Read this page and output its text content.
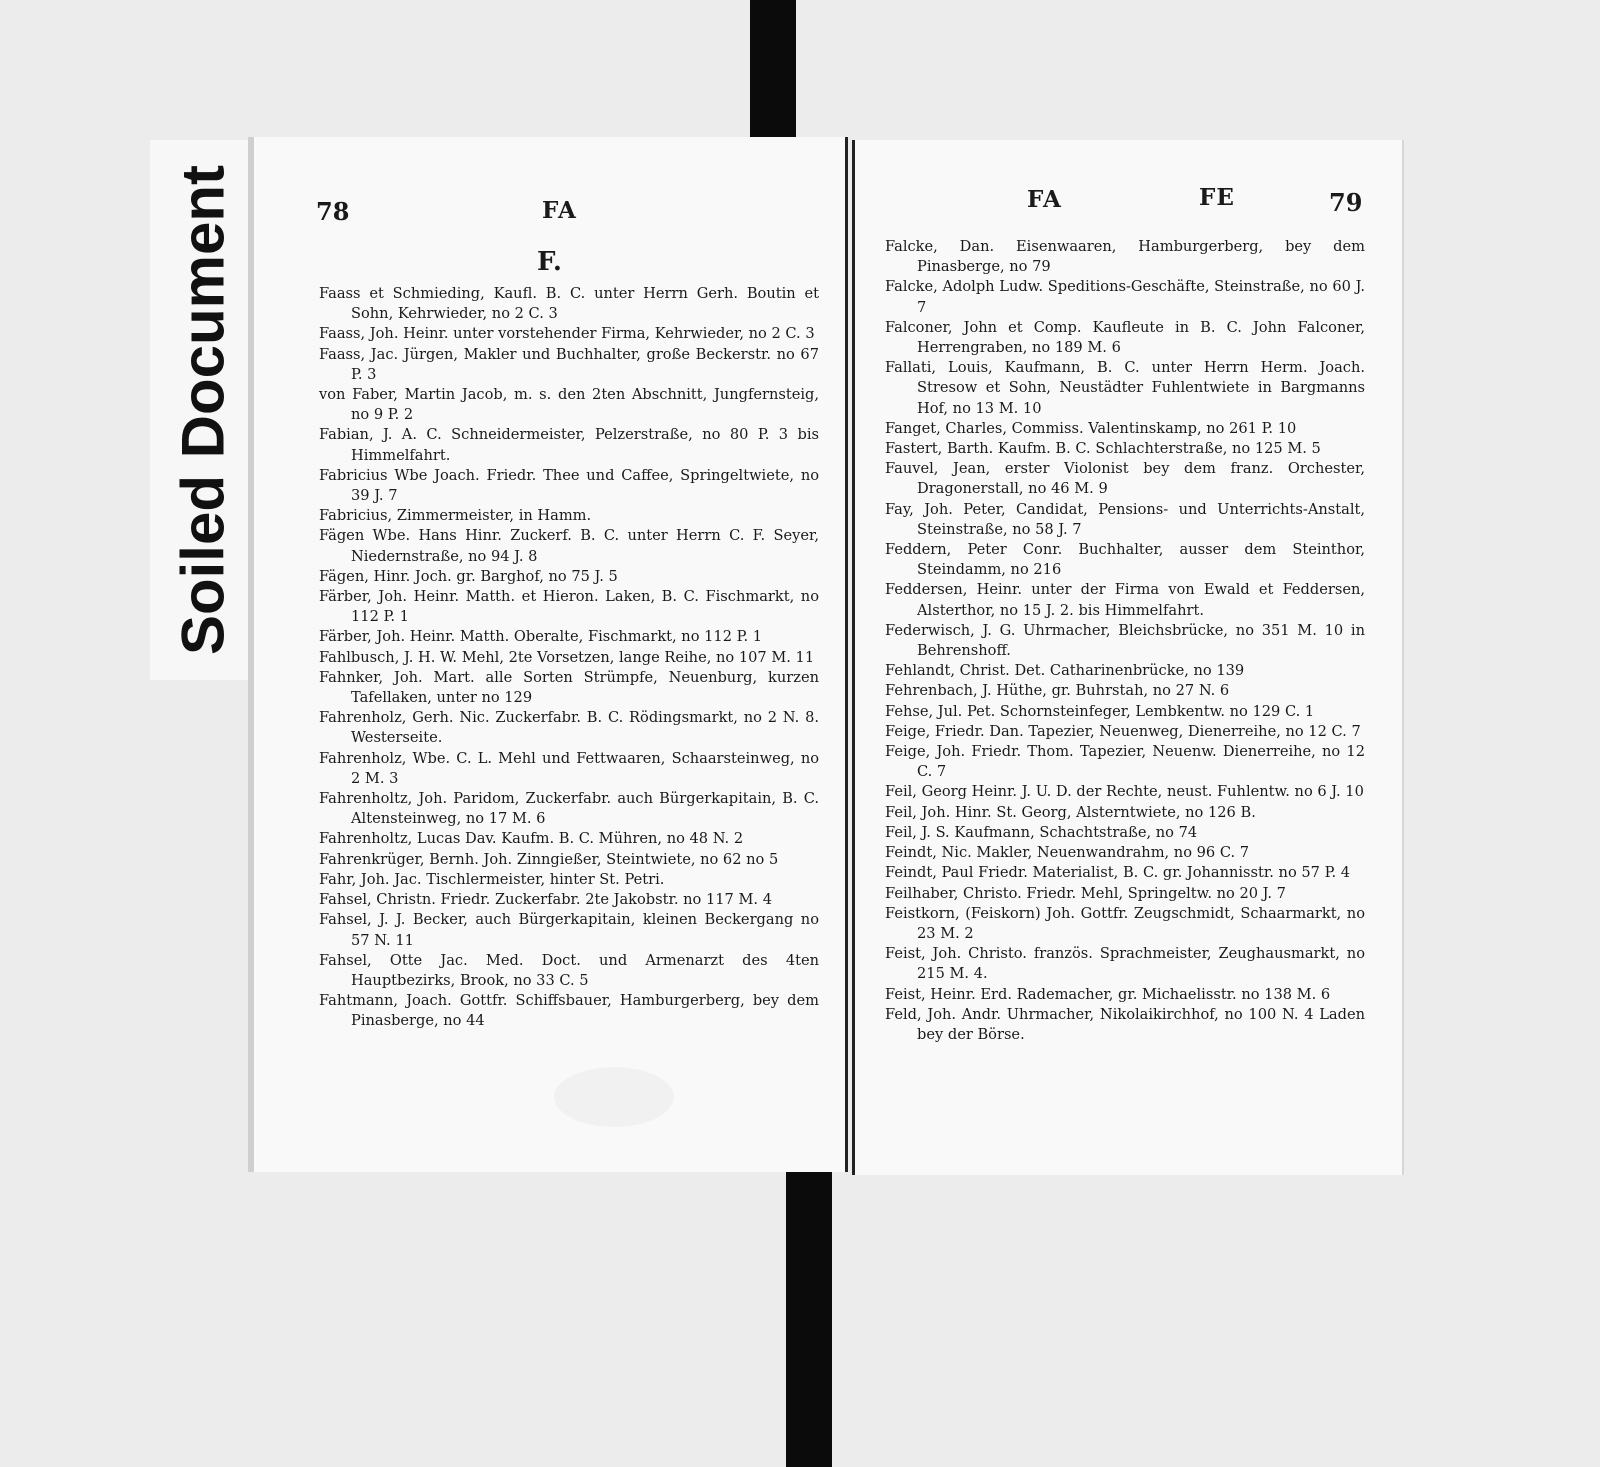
Soiled Document	78	FA
F.
Faass et Schmieding, Kaufl. B. C. unter Herrn Gerh. Boutin et Sohn, Kehrwieder, no 2 C. 3
Faass, Joh. Heinr. unter vorstehender Firma, Kehrwieder, no 2 C. 3
Faass, Jac. Jürgen, Makler und Buchhalter, große Beckerstr. no 67 P. 3
von Faber, Martin Jacob, m. s. den 2ten Abschnitt, Jungfernsteig, no 9 P. 2
Fabian, J. A. C. Schneidermeister, Pelzerstraße, no 80 P. 3 bis Himmelfahrt.
Fabricius Wbe Joach. Friedr. Thee und Caffee, Springeltwiete, no 39 J. 7
Fabricius, Zimmermeister, in Hamm.
Fägen Wbe. Hans Hinr. Zuckerf. B. C. unter Herrn C. F. Seyer, Niedernstraße, no 94 J. 8
Fägen, Hinr. Joch. gr. Barghof, no 75 J. 5
Färber, Joh. Heinr. Matth. et Hieron. Laken, B. C. Fischmarkt, no 112 P. 1
Färber, Joh. Heinr. Matth. Oberalte, Fischmarkt, no 112 P. 1
Fahlbusch, J. H. W. Mehl, 2te Vorsetzen, lange Reihe, no 107 M. 11
Fahnker, Joh. Mart. alle Sorten Strümpfe, Neuenburg, kurzen Tafellaken, unter no 129
Fahrenholz, Gerh. Nic. Zuckerfabr. B. C. Rödingsmarkt, no 2 N. 8. Westerseite.
Fahrenholz, Wbe. C. L. Mehl und Fettwaaren, Schaarsteinweg, no 2 M. 3
Fahrenholtz, Joh. Paridom, Zuckerfabr. auch Bürgerkapitain, B. C. Altensteinweg, no 17 M. 6
Fahrenholtz, Lucas Dav. Kaufm. B. C. Mühren, no 48 N. 2
Fahrenkrüger, Bernh. Joh. Zinngießer, Steintwiete, no 62 no 5
Fahr, Joh. Jac. Tischlermeister, hinter St. Petri.
Fahsel, Christn. Friedr. Zuckerfabr. 2te Jakobstr. no 117 M. 4
Fahsel, J. J. Becker, auch Bürgerkapitain, kleinen Beckergang no 57 N. 11
Fahsel, Otte Jac. Med. Doct. und Armenarzt des 4ten Hauptbezirks, Brook, no 33 C. 5
Fahtmann, Joach. Gottfr. Schiffsbauer, Hamburgerberg, bey dem Pinasberge, no 44
FA	FE	79
Falcke, Dan. Eisenwaaren, Hamburgerberg, bey dem Pinasberge, no 79
Falcke, Adolph Ludw. Speditions-Geschäfte, Steinstraße, no 60 J. 7
Falconer, John et Comp. Kaufleute in B. C. John Falconer, Herrengraben, no 189 M. 6
Fallati, Louis, Kaufmann, B. C. unter Herrn Herm. Joach. Stresow et Sohn, Neustädter Fuhlentwiete in Bargmanns Hof, no 13 M. 10
Fanget, Charles, Commiss. Valentinskamp, no 261 P. 10
Fastert, Barth. Kaufm. B. C. Schlachterstraße, no 125 M. 5
Fauvel, Jean, erster Violonist bey dem franz. Orchester, Dragonerstall, no 46 M. 9
Fay, Joh. Peter, Candidat, Pensions- und Unterrichts-Anstalt, Steinstraße, no 58 J. 7
Feddern, Peter Conr. Buchhalter, ausser dem Steinthor, Steindamm, no 216
Feddersen, Heinr. unter der Firma von Ewald et Feddersen, Alsterthor, no 15 J. 2. bis Himmelfahrt.
Federwisch, J. G. Uhrmacher, Bleichsbrücke, no 351 M. 10 in Behrenshoff.
Fehlandt, Christ. Det. Catharinenbrücke, no 139
Fehrenbach, J. Hüthe, gr. Buhrstah, no 27 N. 6
Fehse, Jul. Pet. Schornsteinfeger, Lembkentw. no 129 C. 1
Feige, Friedr. Dan. Tapezier, Neuenweg, Dienerreihe, no 12 C. 7
Feige, Joh. Friedr. Thom. Tapezier, Neuenw. Dienerreihe, no 12 C. 7
Feil, Georg Heinr. J. U. D. der Rechte, neust. Fuhlentw. no 6 J. 10
Feil, Joh. Hinr. St. Georg, Alsterntwiete, no 126 B.
Feil, J. S. Kaufmann, Schachtstraße, no 74
Feindt, Nic. Makler, Neuenwandrahm, no 96 C. 7
Feindt, Paul Friedr. Materialist, B. C. gr. Johannisstr. no 57 P. 4
Feilhaber, Christo. Friedr. Mehl, Springeltw. no 20 J. 7
Feistkorn, (Feiskorn) Joh. Gottfr. Zeugschmidt, Schaarmarkt, no 23 M. 2
Feist, Joh. Christo. französ. Sprachmeister, Zeughausmarkt, no 215 M. 4.
Feist, Heinr. Erd. Rademacher, gr. Michaelisstr. no 138 M. 6
Feld, Joh. Andr. Uhrmacher, Nikolaikirchhof, no 100 N. 4 Laden bey der Börse.
